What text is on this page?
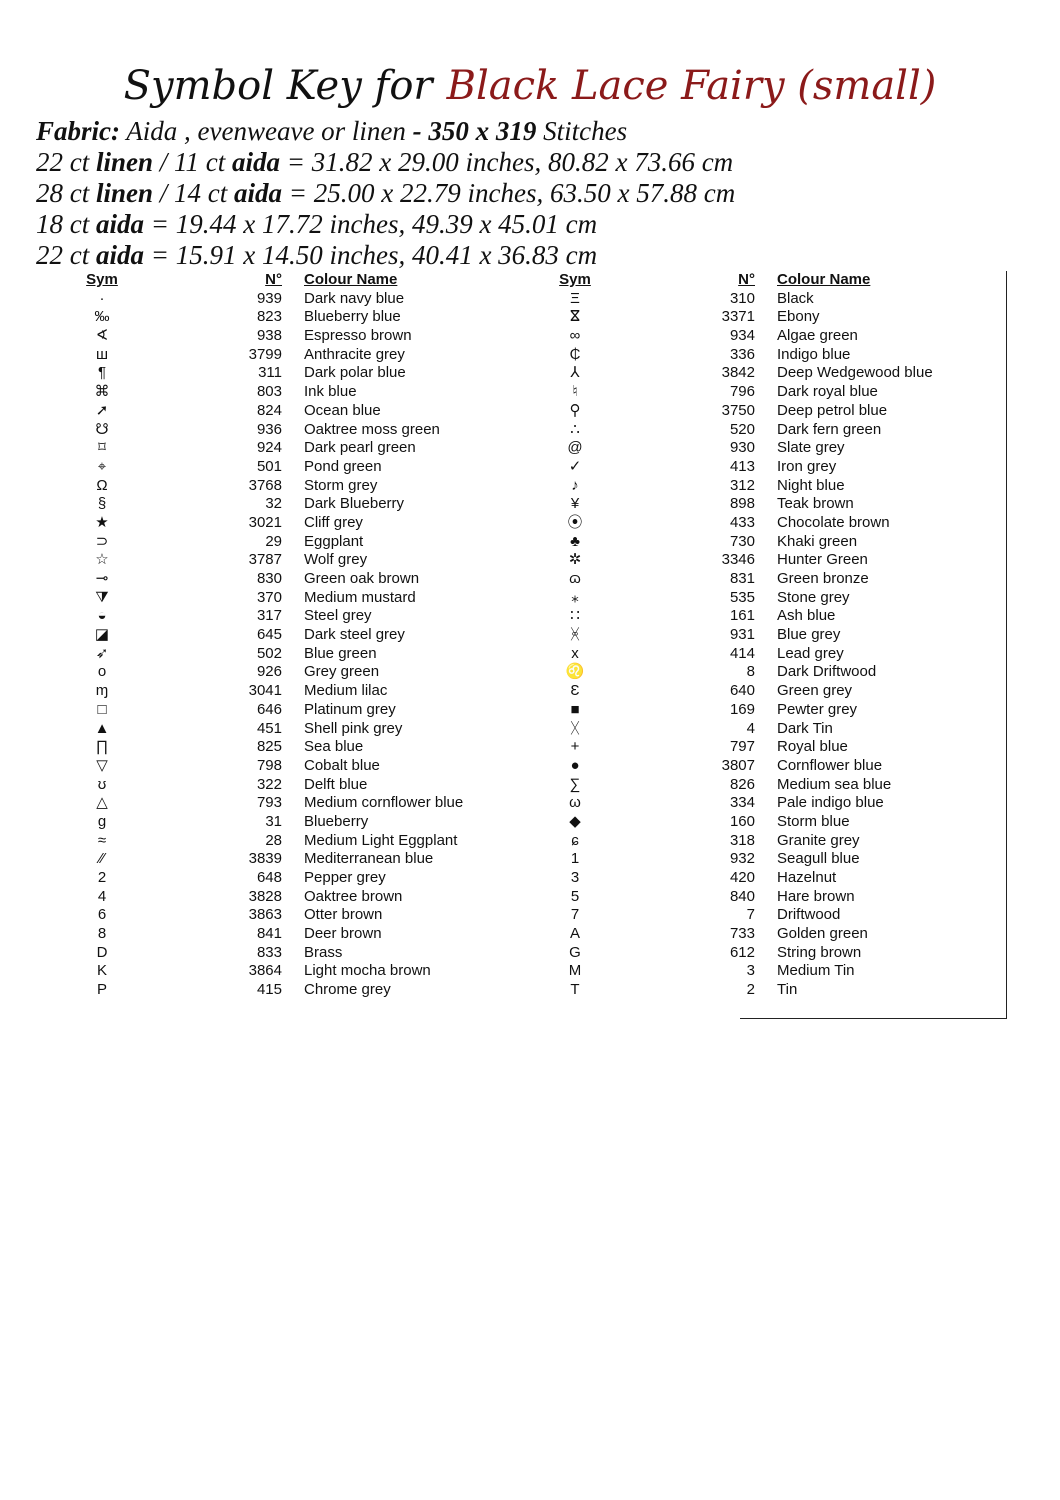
Symbol Key for Black Lace Fairy (small)
Fabric: Aida , evenweave or linen - 350 x 319 Stitches
22 ct linen / 11 ct aida = 31.82 x 29.00 inches, 80.82 x 73.66 cm
28 ct linen / 14 ct aida = 25.00 x 22.79 inches, 63.50 x 57.88 cm
18 ct aida = 19.44 x 17.72 inches, 49.39 x 45.01 cm
22 ct aida = 15.91 x 14.50 inches, 40.41 x 36.83 cm
Sym	N° Colour Name
·	939 Dark navy blue
‰	823 Blueberry blue
∢	938 Espresso brown
ш	3799 Anthracite grey
¶	311 Dark polar blue
⌘	803 Ink blue
➚	824 Ocean blue
☋	936 Oaktree moss green
⌑	924 Dark pearl green
⌖	501 Pond green
Ω	3768 Storm grey
§	32 Dark Blueberry
★	3021 Cliff grey
⊃	29 Eggplant
☆	3787 Wolf grey
⊸	830 Green oak brown
⧩	370 Medium mustard
◒	317 Steel grey
◪	645 Dark steel grey
➶	502 Blue green
o	926 Grey green
ɱ	3041 Medium lilac
□	646 Platinum grey
▲	451 Shell pink grey
∏	825 Sea blue
▽	798 Cobalt blue
ʊ	322 Delft blue
△	793 Medium cornflower blue
g	31 Blueberry
≈	28 Medium Light Eggplant
⁄⁄	3839 Mediterranean blue
2	648 Pepper grey
4	3828 Oaktree brown
6	3863 Otter brown
8	841 Deer brown
D	833 Brass
K	3864 Light mocha brown
P	415 Chrome grey
Sym	N° Colour Name
Ξ	310 Black
ⴵ	3371 Ebony
∞	934 Algae green
₵	336 Indigo blue
⅄	3842 Deep Wedgewood blue
♮	796 Dark royal blue
⚲	3750 Deep petrol blue
∴	520 Dark fern green
@	930 Slate grey
✓	413 Iron grey
♪	312 Night blue
¥	898 Teak brown
⦿	433 Chocolate brown
♣	730 Khaki green
✲	3346 Hunter Green
ɷ	831 Green bronze
⁎	535 Stone grey
∷	161 Ash blue
ᚸ	931 Blue grey
x	414 Lead grey
♌	8 Dark Driftwood
Ɛ	640 Green grey
■	169 Pewter grey
ᚷ	4 Dark Tin
+	797 Royal blue
●	3807 Cornflower blue
∑	826 Medium sea blue
ω	334 Pale indigo blue
◆	160 Storm blue
ɕ	318 Granite grey
1	932 Seagull blue
3	420 Hazelnut
5	840 Hare brown
7	7 Driftwood
A	733 Golden green
G	612 String brown
M	3 Medium Tin
T	2 Tin
